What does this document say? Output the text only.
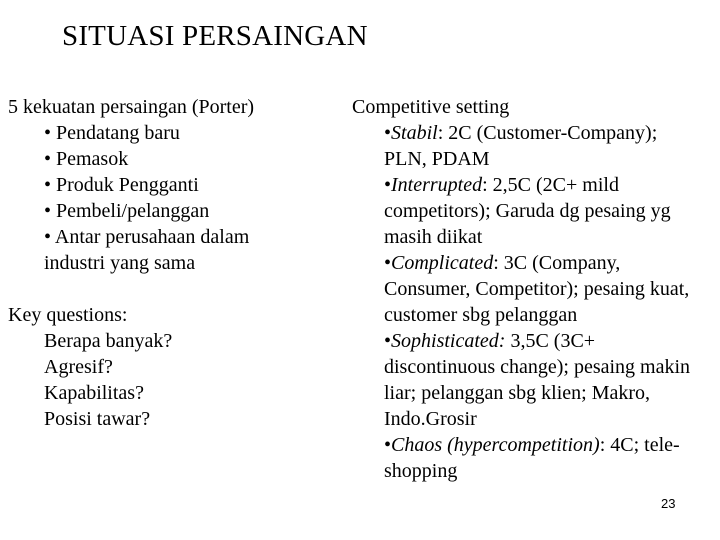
SITUASI PERSAINGAN

5 kekuatan persaingan (Porter)

• Pendatang baru
• Pemasok
• Produk Pengganti
• Pembeli/pelanggan
• Antar perusahaan dalam
industri yang sama

Key questions:

Berapa banyak?
Agresif?
Kapabilitas?
Posisi tawar?

Competitive setting

•Stabil: 2C (Customer-Company); PLN, PDAM

•Interrupted: 2,5C (2C+ mild competitors); Garuda dg pesaing yg masih diikat

•Complicated: 3C (Company, Consumer, Competitor); pesaing kuat, customer sbg pelanggan

•Sophisticated: 3,5C (3C+ discontinuous change); pesaing makin liar; pelanggan sbg klien; Makro, Indo.Grosir

•Chaos (hypercompetition): 4C; tele-shopping

23
